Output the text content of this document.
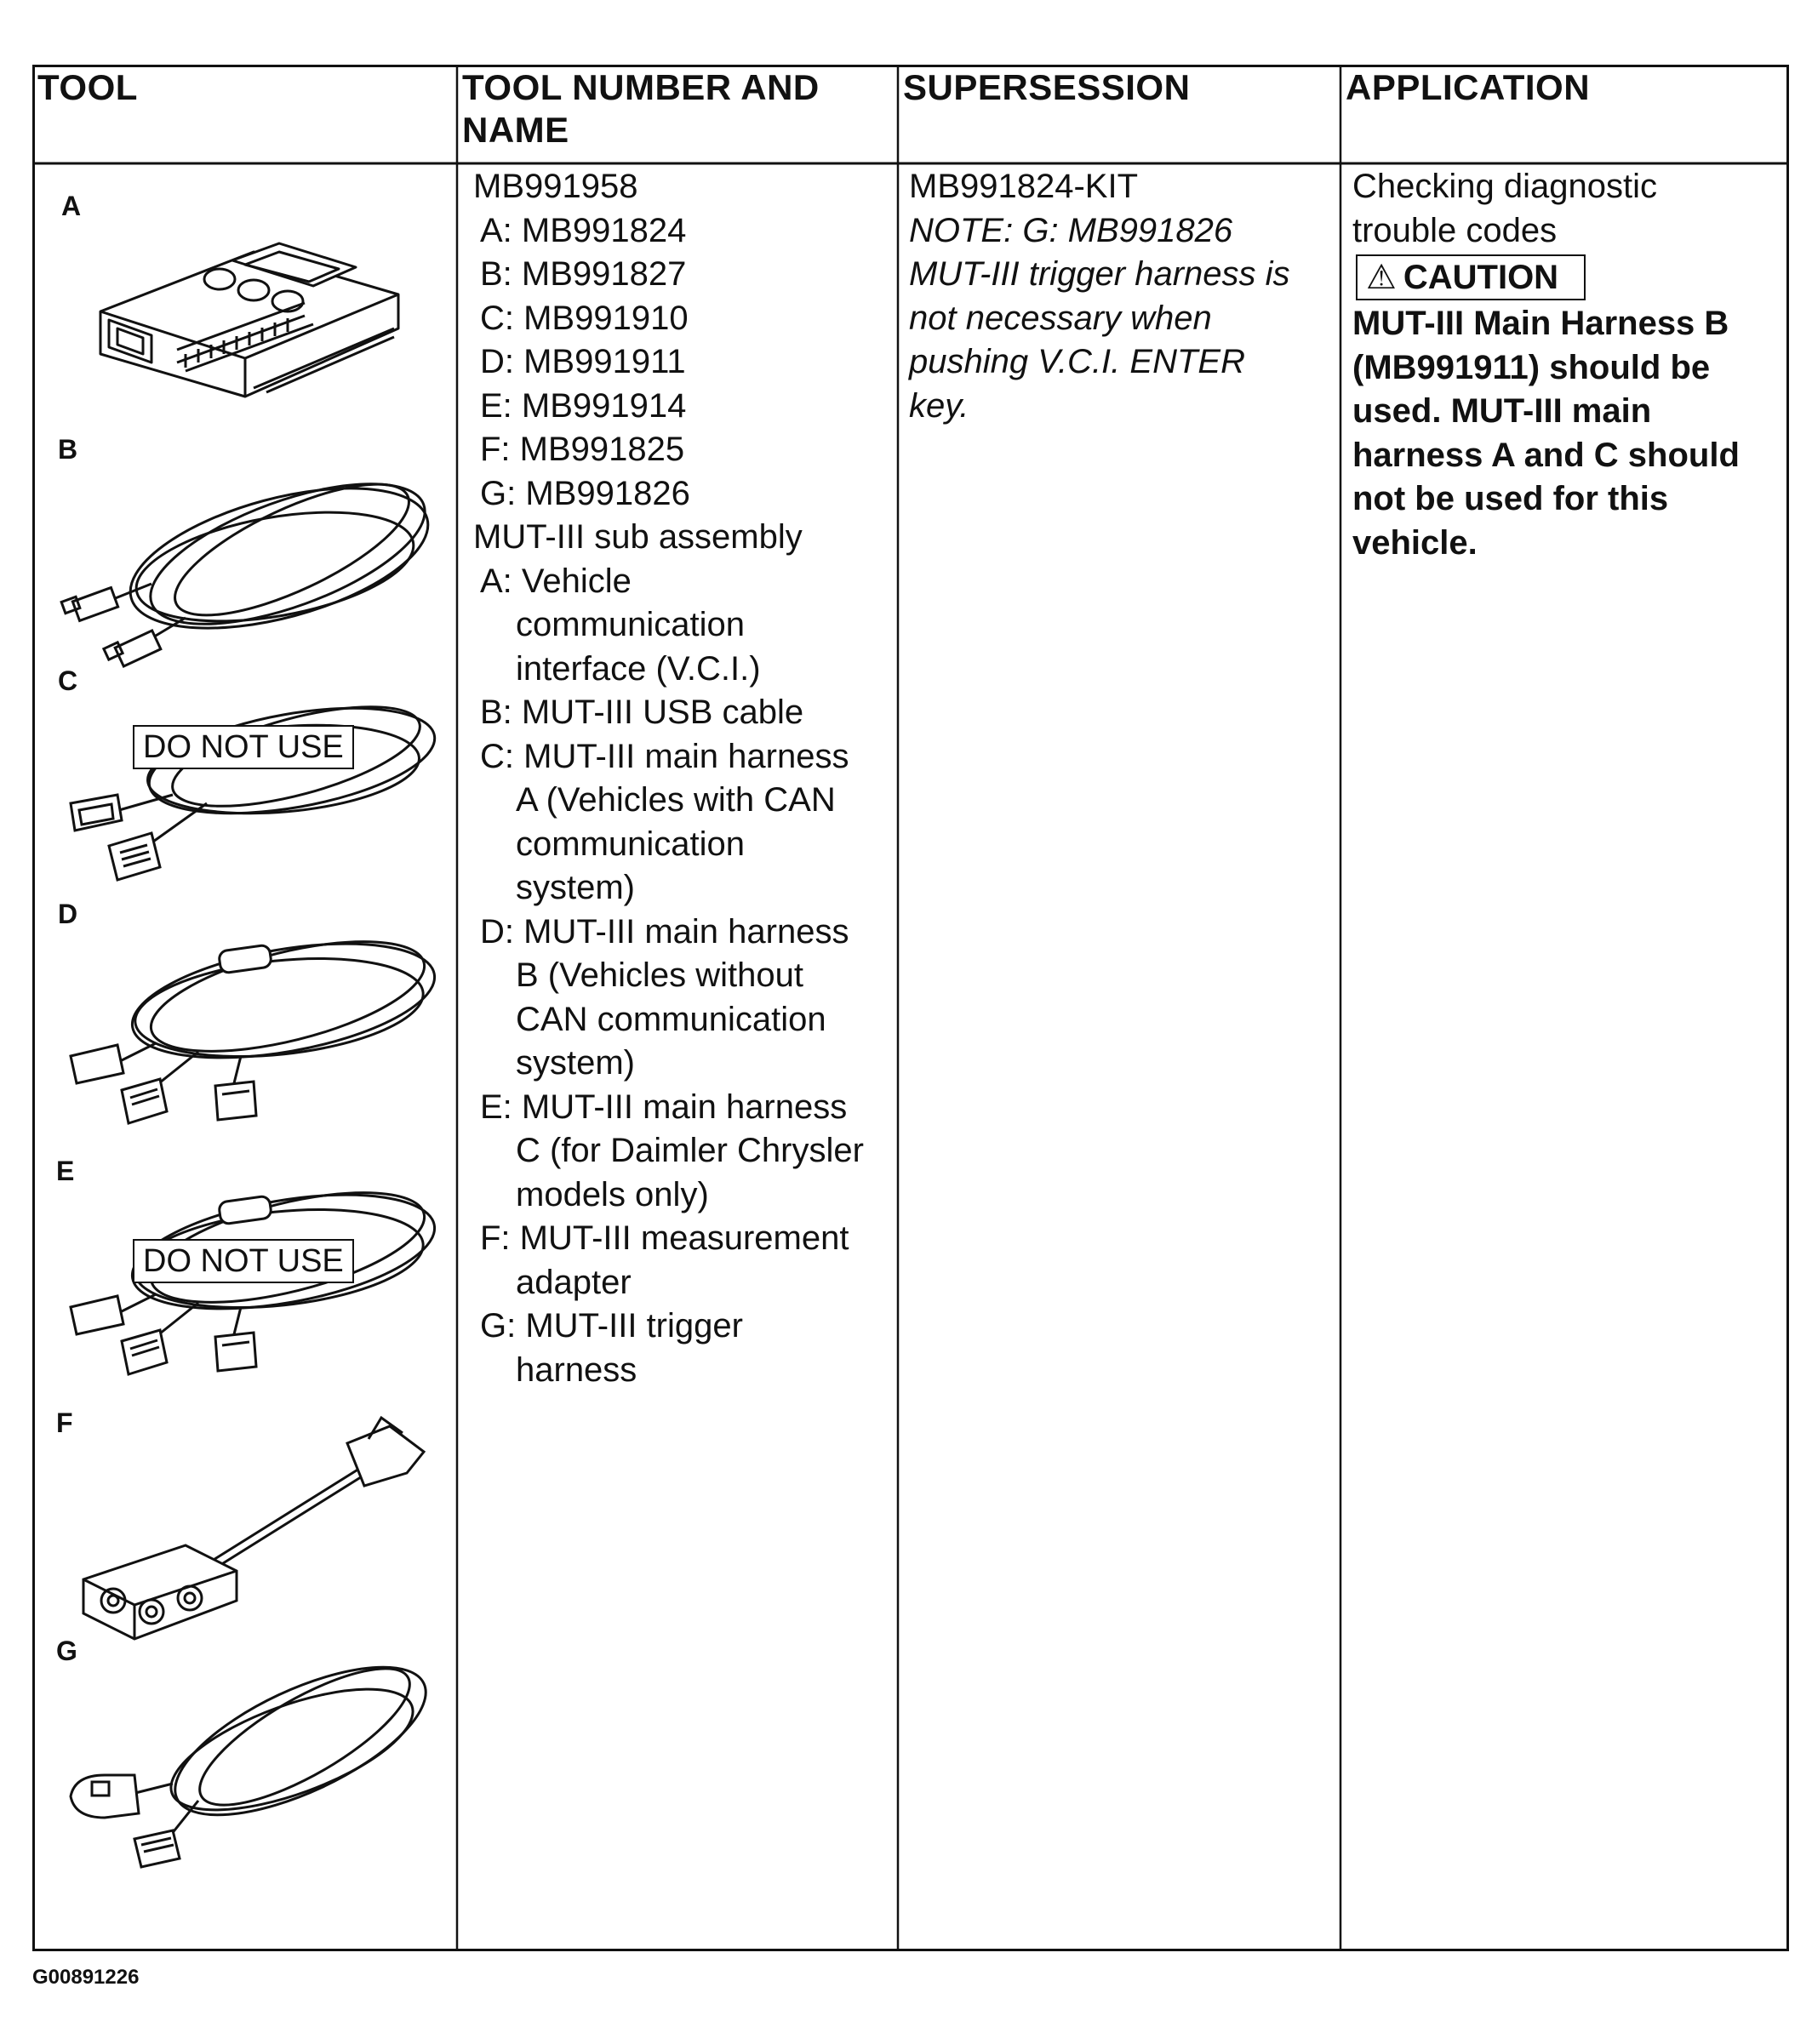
TOOL	TOOL NUMBER AND
NAME
SUPERSESSION	APPLICATION
A
B
C
D
E
F
G
DO NOT USE
DO NOT USE
MB991958
A: MB991824
B: MB991827
C: MB991910
D: MB991911
E: MB991914
F: MB991825
G: MB991826
MUT-III sub assembly
A: Vehicle
communication
interface (V.C.I.)
B: MUT-III USB cable
C: MUT-III main harness
A (Vehicles with CAN
communication
system)
D: MUT-III main harness
B (Vehicles without
CAN communication
system)
E: MUT-III main harness
C (for Daimler Chrysler
models only)
F: MUT-III measurement
adapter
G: MUT-III trigger
harness
MB991824-KIT
NOTE: G: MB991826
MUT-III trigger harness is
not necessary when
pushing V.C.I. ENTER
key.
Checking diagnostic
trouble codes
⚠ CAUTION
MUT-III Main Harness B
(MB991911) should be
used. MUT-III main
harness A and C should
not be used for this
vehicle.
G00891226
